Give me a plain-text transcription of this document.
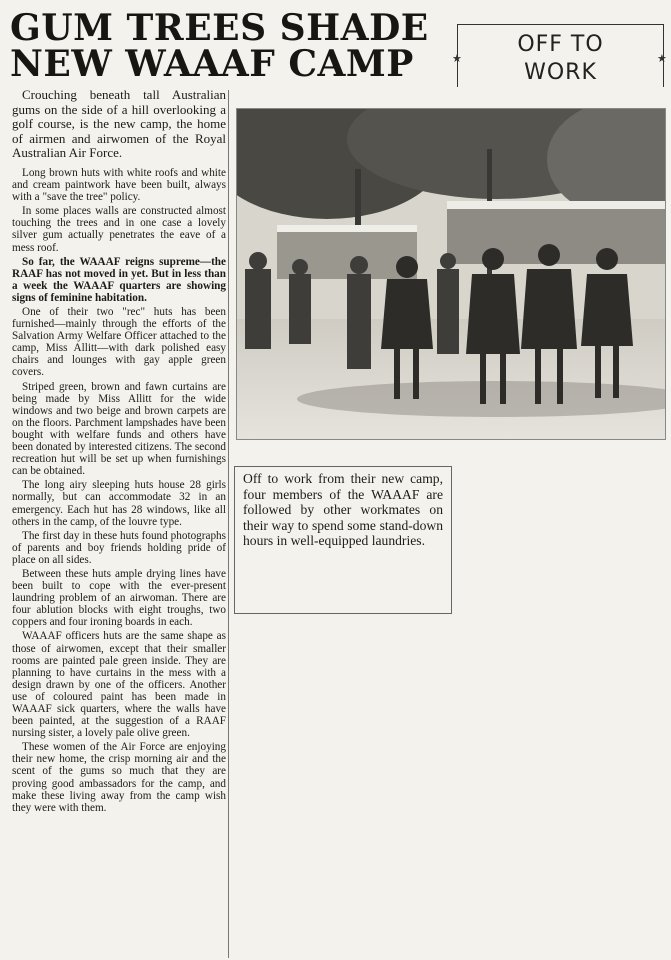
GUM TREES SHADE
NEW WAAAF CAMP	OFF TO
WORK
★	★

Crouching beneath tall Australian gums on the side of a hill overlooking a golf course, is the new camp, the home of airmen and airwomen of the Royal Australian Air Force.

Long brown huts with white roofs and white and cream paintwork have been built, always with a "save the tree" policy.

In some places walls are constructed almost touching the trees and in one case a lovely silver gum actually penetrates the eave of a mess roof.

So far, the WAAAF reigns supreme—the RAAF has not moved in yet. But in less than a week the WAAAF quarters are showing signs of feminine habitation.

One of their two "rec" huts has been furnished—mainly through the efforts of the Salvation Army Welfare Officer attached to the camp, Miss Allitt—with dark polished easy chairs and lounges with gay apple green covers.

Striped green, brown and fawn curtains are being made by Miss Allitt for the wide windows and two beige and brown carpets are on the floors. Parchment lampshades have been bought with welfare funds and others have been donated by interested citizens. The second recreation hut will be set up when furnishings can be obtained.

The long airy sleeping huts house 28 girls normally, but can accommodate 32 in an emergency. Each hut has 28 windows, like all others in the camp, of the louvre type.

The first day in these huts found photographs of parents and boy friends holding pride of place on all sides.

Between these huts ample drying lines have been built to cope with the ever-present laundring problem of an airwoman. There are four ablution blocks with eight troughs, two coppers and four ironing boards in each.

WAAAF officers huts are the same shape as those of airwomen, except that their smaller rooms are painted pale green inside. They are planning to have curtains in the mess with a design drawn by one of the officers. Another use of coloured paint has been made in WAAAF sick quarters, where the walls have been painted, at the suggestion of a RAAF nursing sister, a lovely pale olive green.

These women of the Air Force are enjoying their new home, the crisp morning air and the scent of the gums so much that they are proving good ambassadors for the camp, and make these living away from the camp wish they were with them.

Off to work from their new camp, four members of the WAAAF are followed by other workmates on their way to spend some stand-down hours in well-equipped laundries.
